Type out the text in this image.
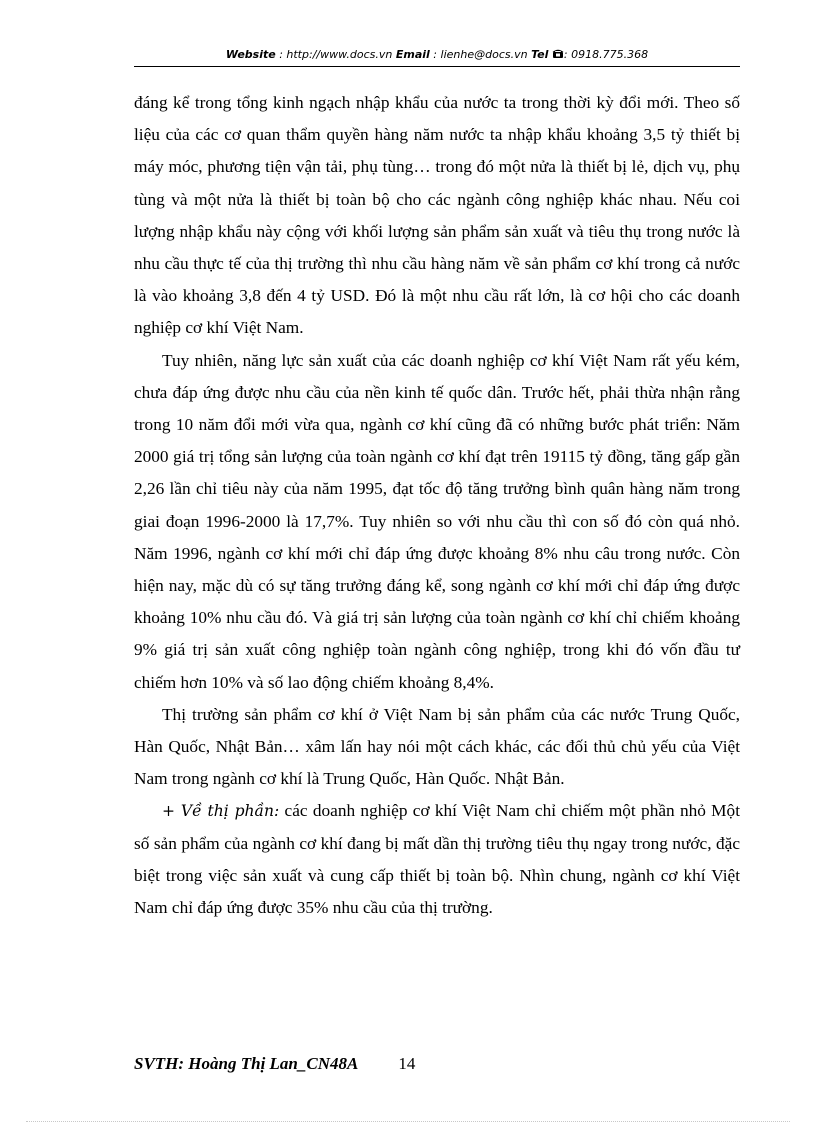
Website : http://www.docs.vn Email : lienhe@docs.vn Tel : 0918.775.368

đáng kể trong tổng kinh ngạch nhập khẩu của nước ta trong thời kỳ đổi mới. Theo số liệu của các cơ quan thẩm quyền hàng năm nước ta nhập khẩu khoảng 3,5 tỷ thiết bị máy móc, phương tiện vận tải, phụ tùng… trong đó một nửa là thiết bị lẻ, dịch vụ, phụ tùng và một nửa là thiết bị toàn bộ cho các ngành công nghiệp khác nhau. Nếu coi lượng nhập khẩu này cộng với khối lượng sản phẩm sản xuất và tiêu thụ trong nước là nhu cầu thực tế của thị trường thì nhu cầu hàng năm về sản phẩm cơ khí trong cả nước là vào khoảng 3,8 đến 4 tỷ USD. Đó là một nhu cầu rất lớn, là cơ hội cho các doanh nghiệp cơ khí Việt Nam.

Tuy nhiên, năng lực sản xuất của các doanh nghiệp cơ khí Việt Nam rất yếu kém, chưa đáp ứng được nhu cầu của nền kinh tế quốc dân. Trước hết, phải thừa nhận rằng trong 10 năm đổi mới vừa qua, ngành cơ khí cũng đã có những bước phát triển: Năm 2000 giá trị tổng sản lượng của toàn ngành cơ khí đạt trên 19115 tỷ đồng, tăng gấp gần 2,26 lần chỉ tiêu này của năm 1995, đạt tốc độ tăng trưởng bình quân hàng năm trong giai đoạn 1996-2000 là 17,7%. Tuy nhiên so với nhu cầu thì con số đó còn quá nhỏ. Năm 1996, ngành cơ khí mới chỉ đáp ứng được khoảng 8% nhu câu trong nước. Còn hiện nay, mặc dù có sự tăng trưởng đáng kể, song ngành cơ khí mới chỉ đáp ứng được khoảng 10% nhu cầu đó. Và giá trị sản lượng của toàn ngành cơ khí chỉ chiếm khoảng 9% giá trị sản xuất công nghiệp toàn ngành công nghiệp, trong khi đó vốn đầu tư chiếm hơn 10% và số lao động chiếm khoảng 8,4%.

Thị trường sản phẩm cơ khí ở Việt Nam bị sản phẩm của các nước Trung Quốc, Hàn Quốc, Nhật Bản… xâm lấn hay nói một cách khác, các đối thủ chủ yếu của Việt Nam trong ngành cơ khí là Trung Quốc, Hàn Quốc. Nhật Bản.

+ Về thị phần: các doanh nghiệp cơ khí Việt Nam chỉ chiếm một phần nhỏ Một số sản phẩm của ngành cơ khí đang bị mất dần thị trường tiêu thụ ngay trong nước, đặc biệt trong việc sản xuất và cung cấp thiết bị toàn bộ. Nhìn chung, ngành cơ khí Việt Nam chỉ đáp ứng được 35% nhu cầu của thị trường.

SVTH: Hoàng Thị Lan_CN48A 14
